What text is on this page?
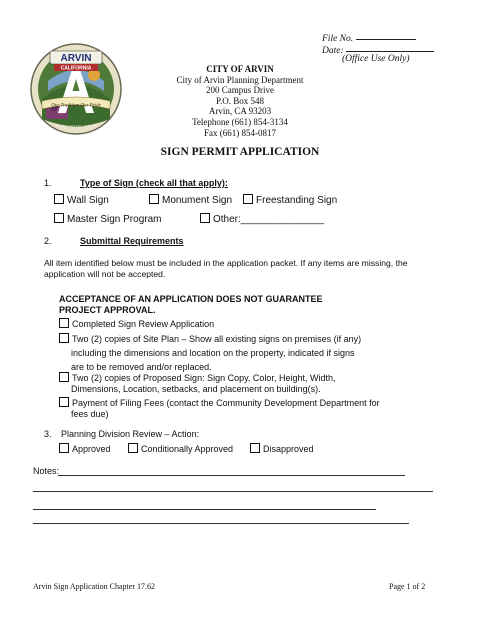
File No.
Date:
(Office Use Only)
ARVIN
CALIFORNIA
Our Tradition Our Pride
Incorporated Dec. 21, 1960
CITY OF ARVIN
City of Arvin Planning Department
200 Campus Drive
P.O. Box 548
Arvin, CA 93203
Telephone (661) 854-3134
Fax (661) 854-0817
SIGN PERMIT APPLICATION
1.	Type of Sign (check all that apply):
Wall Sign	Monument Sign	Freestanding Sign
Master Sign Program	Other:_______________
2.	Submittal Requirements
All item identified below must be included in the application packet. If any items are missing, the
application will not be accepted.
ACCEPTANCE OF AN APPLICATION DOES NOT GUARANTEE
PROJECT APPROVAL.
Completed Sign Review Application
Two (2) copies of Site Plan – Show all existing signs on premises (if any)
including the dimensions and location on the property, indicated if signs
are to be removed and/or replaced.
Two (2) copies of Proposed Sign: Sign Copy, Color, Height, Width,
Dimensions, Location, setbacks, and placement on building(s).
Payment of Filing Fees (contact the Community Development Department for
fees due)
3. Planning Division Review – Action:
Approved	Conditionally Approved	Disapproved
Notes:
Arvin Sign Application Chapter 17.62	Page 1 of 2
